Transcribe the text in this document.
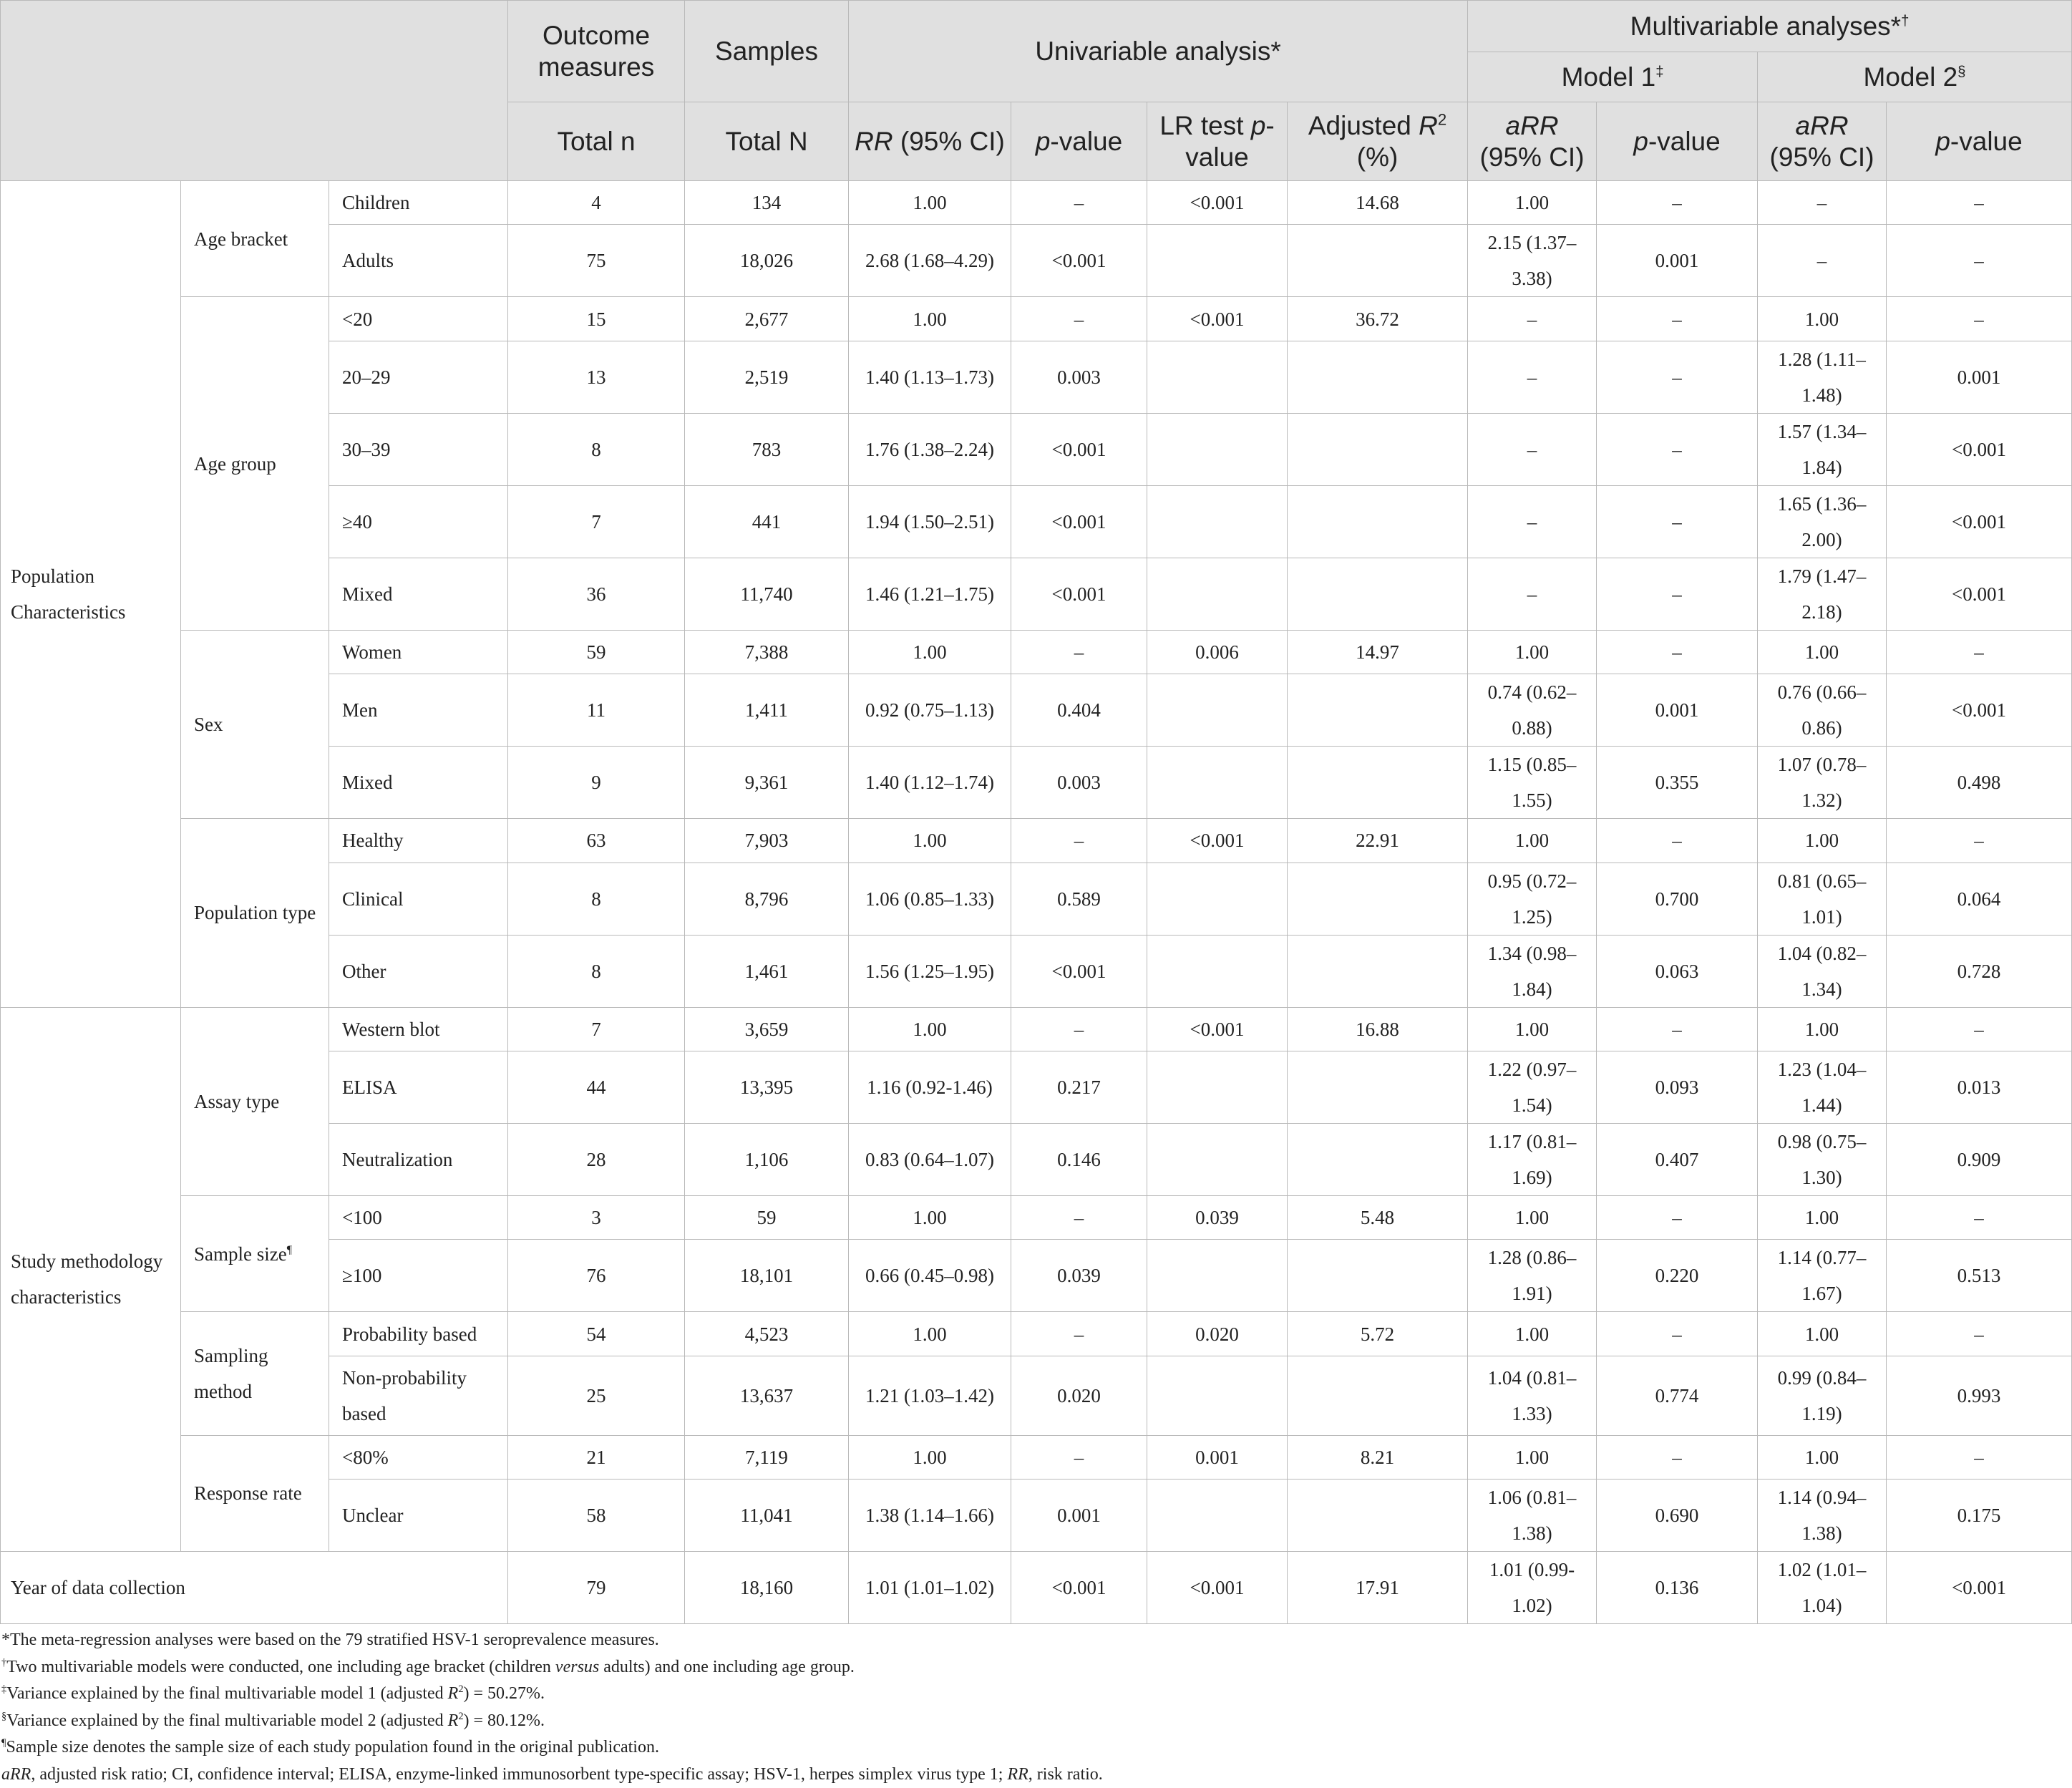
			Outcome measures	Samples	Univariable analysis*				Multivariable analyses*†
									Model 1‡		Model 2§
			Total n	Total N	RR (95% CI)	p-value	LR test p-value	Adjusted $R^2$ (%)	aRR (95% CI)	p-value	aRR (95% CI)	p-value
Population Characteristics	Age bracket	Children	4	134	1.00	–	<0.001	14.68	1.00	–	–	–
		Adults	75	18,026	2.68 (1.68–4.29)	<0.001			2.15 (1.37–3.38)	0.001	–	–
	Age group	<20	15	2,677	1.00	–	<0.001	36.72	–	–	1.00	–
		20–29	13	2,519	1.40 (1.13–1.73)	0.003			–	–	1.28 (1.11–1.48)	0.001
		30–39	8	783	1.76 (1.38–2.24)	<0.001			–	–	1.57 (1.34–1.84)	<0.001
		≥40	7	441	1.94 (1.50–2.51)	<0.001			–	–	1.65 (1.36–2.00)	<0.001
		Mixed	36	11,740	1.46 (1.21–1.75)	<0.001			–	–	1.79 (1.47–2.18)	<0.001
	Sex	Women	59	7,388	1.00	–	0.006	14.97	1.00	–	1.00	–
		Men	11	1,411	0.92 (0.75–1.13)	0.404			0.74 (0.62–0.88)	0.001	0.76 (0.66–0.86)	<0.001
		Mixed	9	9,361	1.40 (1.12–1.74)	0.003			1.15 (0.85–1.55)	0.355	1.07 (0.78–1.32)	0.498
	Population type	Healthy	63	7,903	1.00	–	<0.001	22.91	1.00	–	1.00	–
		Clinical	8	8,796	1.06 (0.85–1.33)	0.589			0.95 (0.72–1.25)	0.700	0.81 (0.65–1.01)	0.064
		Other	8	1,461	1.56 (1.25–1.95)	<0.001			1.34 (0.98–1.84)	0.063	1.04 (0.82–1.34)	0.728
Study methodology characteristics	Assay type	Western blot	7	3,659	1.00	–	<0.001	16.88	1.00	–	1.00	–
		ELISA	44	13,395	1.16 (0.92-1.46)	0.217			1.22 (0.97–1.54)	0.093	1.23 (1.04–1.44)	0.013
		Neutralization	28	1,106	0.83 (0.64–1.07)	0.146			1.17 (0.81–1.69)	0.407	0.98 (0.75–1.30)	0.909
	Sample size¶	<100	3	59	1.00	–	0.039	5.48	1.00	–	1.00	–
		≥100	76	18,101	0.66 (0.45–0.98)	0.039			1.28 (0.86–1.91)	0.220	1.14 (0.77–1.67)	0.513
	Sampling method	Probability based	54	4,523	1.00	–	0.020	5.72	1.00	–	1.00	–
		Non-probability based	25	13,637	1.21 (1.03–1.42)	0.020			1.04 (0.81–1.33)	0.774	0.99 (0.84–1.19)	0.993
	Response rate	<80%	21	7,119	1.00	–	0.001	8.21	1.00	–	1.00	–
		Unclear	58	11,041	1.38 (1.14–1.66)	0.001			1.06 (0.81–1.38)	0.690	1.14 (0.94–1.38)	0.175
Year of data collection			79	18,160	1.01 (1.01–1.02)	<0.001	<0.001	17.91	1.01 (0.99-1.02)	0.136	1.02 (1.01–1.04)	<0.001

*The meta-regression analyses were based on the 79 stratified HSV-1 seroprevalence measures.

†Two multivariable models were conducted, one including age bracket (children versus adults) and one including age group.

‡Variance explained by the final multivariable model 1 (adjusted $R^2) = 50.27\%$.

§Variance explained by the final multivariable model 2 (adjusted $R^2) = 80.12\%$.

¶Sample size denotes the sample size of each study population found in the original publication.

aRR, adjusted risk ratio; CI, confidence interval; ELISA, enzyme-linked immunosorbent type-specific assay; HSV-1, herpes simplex virus type 1; RR, risk ratio.
